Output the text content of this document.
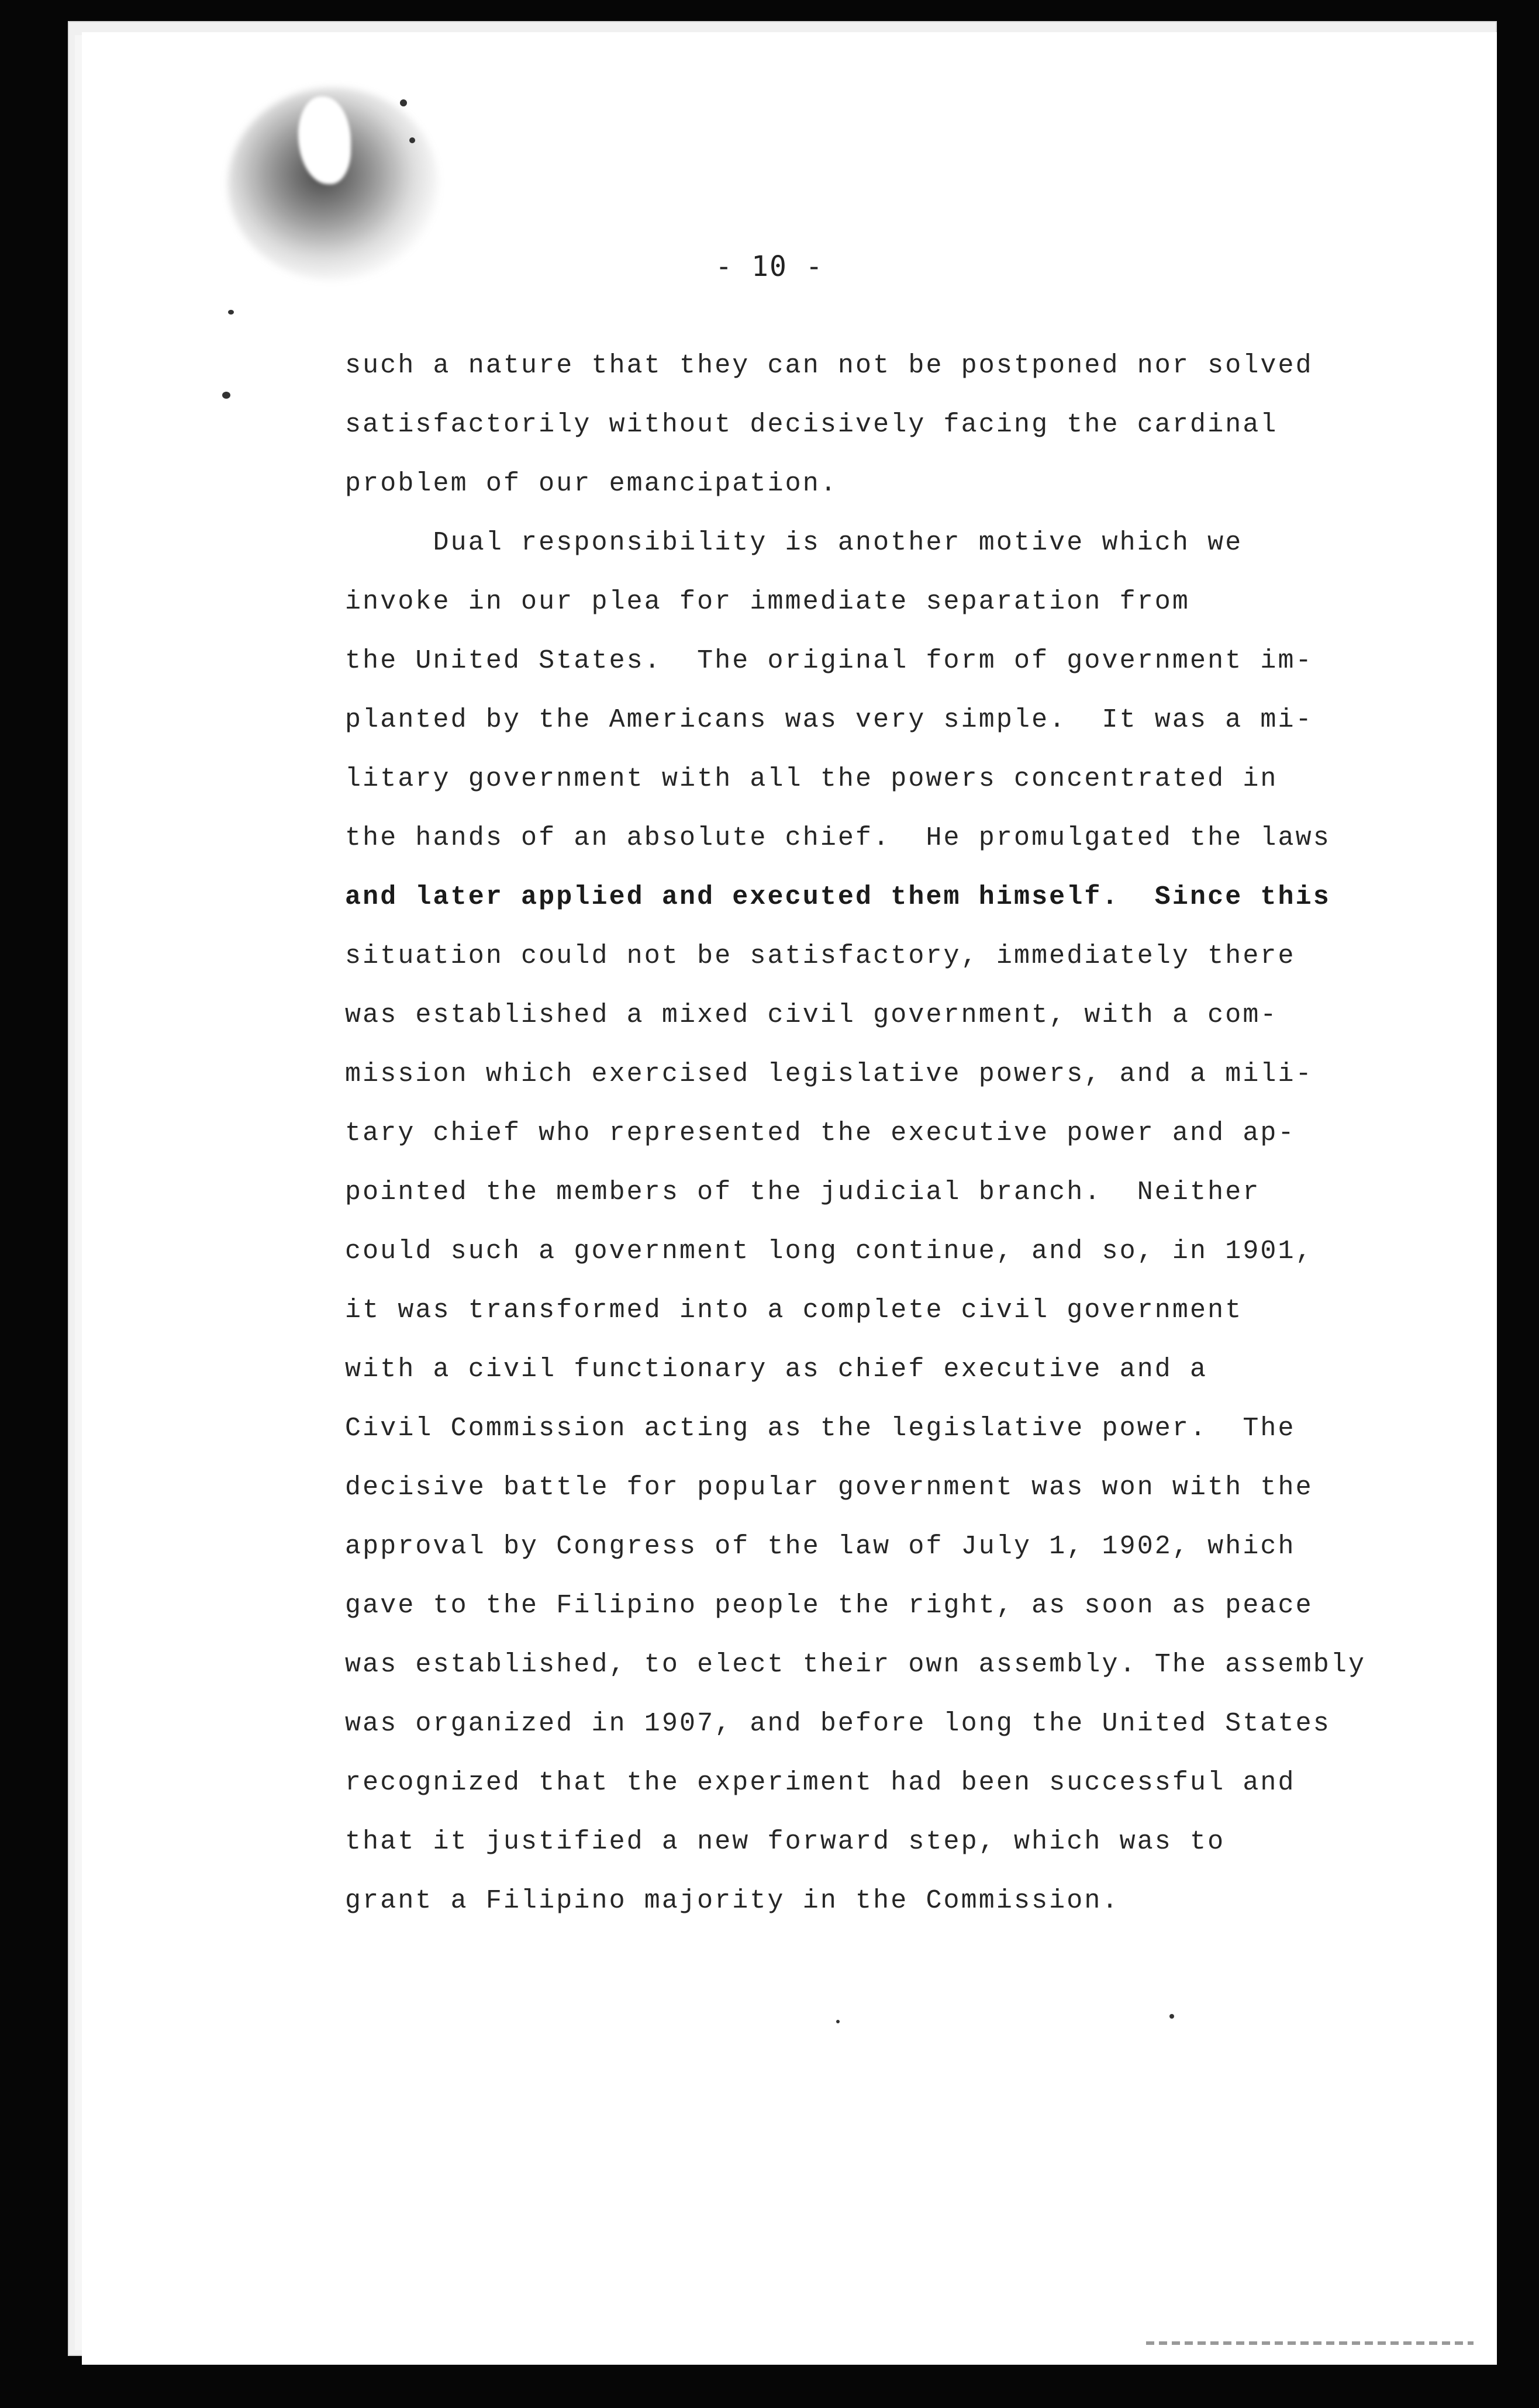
- 10 -
such a nature that they can not be postponed nor solved
satisfactorily without decisively facing the cardinal
problem of our emancipation.
Dual responsibility is another motive which we
invoke in our plea for immediate separation from
the United States.  The original form of government im-
planted by the Americans was very simple.  It was a mi-
litary government with all the powers concentrated in
the hands of an absolute chief.  He promulgated the laws
and later applied and executed them himself.  Since this
situation could not be satisfactory, immediately there
was established a mixed civil government, with a com-
mission which exercised legislative powers, and a mili-
tary chief who represented the executive power and ap-
pointed the members of the judicial branch.  Neither
could such a government long continue, and so, in 1901,
it was transformed into a complete civil government
with a civil functionary as chief executive and a
Civil Commission acting as the legislative power.  The
decisive battle for popular government was won with the
approval by Congress of the law of July 1, 1902, which
gave to the Filipino people the right, as soon as peace
was established, to elect their own assembly. The assembly
was organized in 1907, and before long the United States
recognized that the experiment had been successful and
that it justified a new forward step, which was to
grant a Filipino majority in the Commission.
